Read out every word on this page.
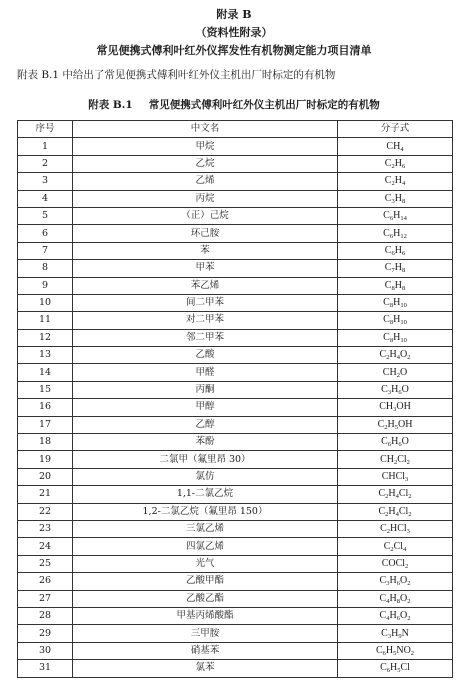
附录 B
（资料性附录）
常见便携式傅利叶红外仪挥发性有机物测定能力项目清单
附表 B.1 中给出了常见便携式傅利叶红外仪主机出厂时标定的有机物
附表 B.1 常见便携式傅利叶红外仪主机出厂时标定的有机物
序号	中文名	分子式
1	甲烷	$CH_4$
2	乙烷	$C_2H_6$
3	乙烯	$C_2H_4$
4	丙烷	$C_3H_8$
5	（正）己烷	$C_6H_{14}$
6	环己胺	$C_6H_{12}$
7	苯	$C_6H_6$
8	甲苯	$C_7H_8$
9	苯乙烯	$C_8H_8$
10	间二甲苯	$C_8H_{10}$
11	对二甲苯	$C_8H_{10}$
12	邻二甲苯	$C_8H_{10}$
13	乙酸	$C_2H_4O_2$
14	甲醛	$CH_2O$
15	丙酮	$C_3H_6O$
16	甲醇	$CH_3OH$
17	乙醇	$C_2H_5OH$
18	苯酚	$C_6H_6O$
19	二氯甲（氟里昂 30）	$CH_2Cl_2$
20	氯仿	CHCl$_3$
21	1,1-二氯乙烷	$C_2H_4Cl_2$
22	1,2-二氯乙烷（氟里昂 150）	$C_2H_4Cl_2$
23	三氯乙烯	$C_2HCl_3$
24	四氯乙烯	$C_2Cl_4$
25	光气	COCl$_2$
26	乙酸甲酯	$C_3H_6O_2$
27	乙酸乙酯	$C_4H_8O_2$
28	甲基丙烯酸酯	$C_4H_6O_2$
29	三甲胺	$C_3H_9N$
30	硝基苯	$C_6H_5NO_2$
31	氯苯	$C_6H_5Cl$
